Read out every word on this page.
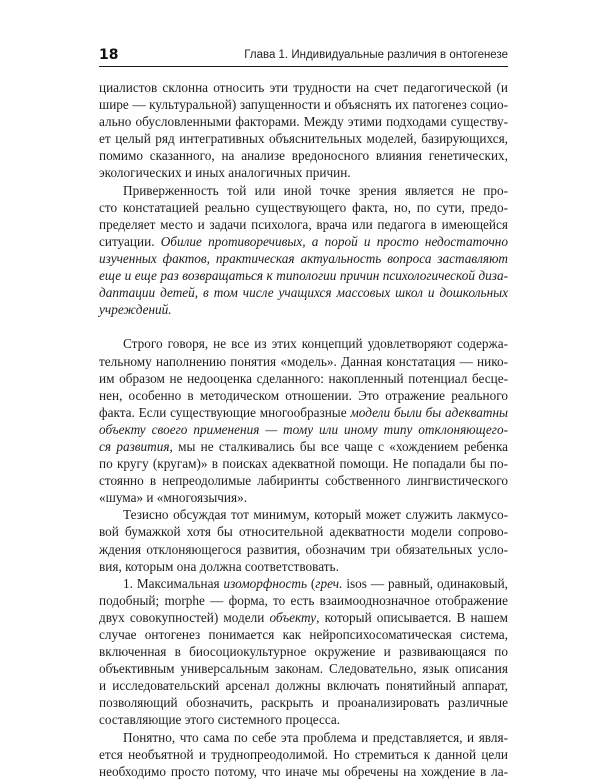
18	Глава 1. Индивидуальные различия в онтогенезе
циалистов склонна относить эти трудности на счет педагогической (и
шире — культуральной) запущенности и объяснять их патогенез социо-
ально обусловленными факторами. Между этими подходами существу-
ет целый ряд интегративных объяснительных моделей, базирующихся,
помимо сказанного, на анализе вредоносного влияния генетических,
экологических и иных аналогичных причин.
Приверженность той или иной точке зрения является не про-
сто констатацией реально существующего факта, но, по сути, предо-
пределяет место и задачи психолога, врача или педагога в имеющейся
ситуации. Обилие противоречивых, а порой и просто недостаточно
изученных фактов, практическая актуальность вопроса заставляют
еще и еще раз возвращаться к типологии причин психологической диза-
даптации детей, в том числе учащихся массовых школ и дошкольных
учреждений.
Строго говоря, не все из этих концепций удовлетворяют содержа-
тельному наполнению понятия «модель». Данная констатация — нико-
им образом не недооценка сделанного: накопленный потенциал бесце-
нен, особенно в методическом отношении. Это отражение реального
факта. Если существующие многообразные модели были бы адекватны
объекту своего применения — тому или иному типу отклоняющего-
ся развития, мы не сталкивались бы все чаще с «хождением ребенка
по кругу (кругам)» в поисках адекватной помощи. Не попадали бы по-
стоянно в непреодолимые лабиринты собственного лингвистического
«шума» и «многоязычия».
Тезисно обсуждая тот минимум, который может служить лакмусо-
вой бумажкой хотя бы относительной адекватности модели сопрово-
ждения отклоняющегося развития, обозначим три обязательных усло-
вия, которым она должна соответствовать.
1. Максимальная изоморфность (греч. isos — равный, одинаковый,
подобный; morphe — форма, то есть взаимооднозначное отображение
двух совокупностей) модели объекту, который описывается. В нашем
случае онтогенез понимается как нейропсихосоматическая система,
включенная в биосоциокультурное окружение и развивающаяся по
объективным универсальным законам. Следовательно, язык описания
и исследовательский арсенал должны включать понятийный аппарат,
позволяющий обозначить, раскрыть и проанализировать различные
составляющие этого системного процесса.
Понятно, что сама по себе эта проблема и представляется, и явля-
ется необъятной и труднопреодолимой. Но стремиться к данной цели
необходимо просто потому, что иначе мы обречены на хождение в ла-
